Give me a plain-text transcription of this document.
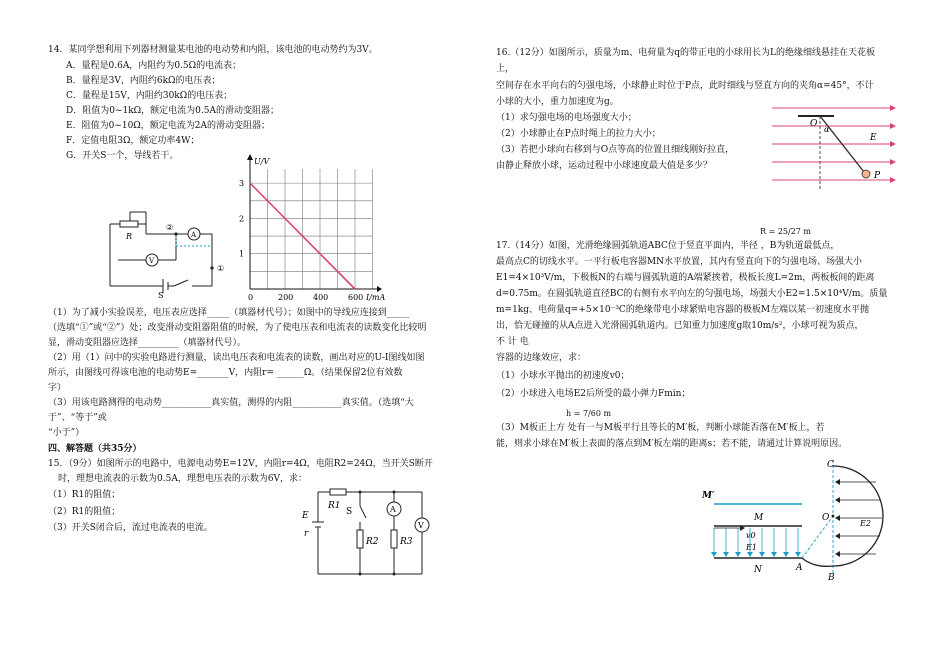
14．某同学想利用下列器材测量某电池的电动势和内阻，该电池的电动势约为3V。
A．量程是0.6A，内阻约为0.5Ω的电流表；
B．量程是3V，内阻约6kΩ的电压表；
C．量程是15V，内阻约30kΩ的电压表；
D．阻值为0~1kΩ，额定电流为0.5A的滑动变阻器；
E．阻值为0~10Ω，额定电流为2A的滑动变阻器；
F．定值电阻3Ω，额定功率4W；
G．开关S一个，导线若干。
R	A
V
②
①
S
U/V
I/mA
3
2
1
0	200 400 600
（1）为了减小实验误差，电压表应选择_____（填器材代号）；如图中的导线应连接到_____
（选填“①”或“②”）处；改变滑动变阻器阻值的时候，为了使电压表和电流表的读数变化比较明
显，滑动变阻器应选择_________（填器材代号）。
（2）用（1）问中的实验电路进行测量，读出电压表和电流表的读数，画出对应的U-I图线如图
所示，由图线可得该电池的电动势E=_______V，内阻r= ______Ω。（结果保留2位有效数
字）
（3）用该电路测得的电动势___________真实值，测得的内阻___________真实值。（选填“大
于”、“等于”或
“小于”）
四、解答题（共35分）
15．（9分）如图所示的电路中，电源电动势E=12V，内阻r=4Ω，电阻R2=24Ω，当开关S断开
时，理想电流表的示数为0.5A，理想电压表的示数为6V，求：
（1）R1的阻值；
（2）R1的阻值；
（3）开关S闭合后，流过电流表的电流。
E
r
R1
S
R2 R3
A
V
16.（12分）如图所示，质量为m、电荷量为q的带正电的小球用长为L的绝缘细线悬挂在天花板
上，
空间存在水平向右的匀强电场，小球静止时位于P点，此时细线与竖直方向的夹角α=45°，不计
小球的大小，重力加速度为g。
（1）求匀强电场的电场强度大小；
（2）小球静止在P点时绳上的拉力大小；
（3）若把小球向右移到与O点等高的位置且细线刚好拉直，
由静止释放小球，运动过程中小球速度最大值是多少？
O
α
E
P
R = 25/27 m
17.（14分）如图，光滑绝缘圆弧轨道ABC位于竖直平面内，半径 ，B为轨道最低点，
最高点C的切线水平。一平行板电容器MN水平放置，其内有竖直向下的匀强电场、场强大小
E1=4×10³V/m，下极板N的右端与圆弧轨道的A端紧挨着，极板长度L=2m，两板板间的距离
d=0.75m。在圆弧轨道直径BC的右侧有水平向左的匀强电场，场强大小E2=1.5×10⁴V/m。质量
m=1kg、电荷量q=+5×10⁻³C的绝缘带电小球紧贴电容器的极板M左端以某一初速度水平抛
出，恰无碰撞的从A点进入光滑圆弧轨道内。已知重力加速度g取10m/s²，小球可视为质点，
不 计 电
容器的边缘效应，求：
（1）小球水平抛出的初速度v0；
（2）小球进入电场E2后所受的最小弹力Fmin；
h = 7/60 m
（3）M板正上方 处有一与M板平行且等长的M′板，判断小球能否落在M′板上，若
能，则求小球在M′板上表面的落点到M′板左端的距离s；若不能，请通过计算说明原因。
M′
M
N
v0
E1
E2
A
B
C
O
